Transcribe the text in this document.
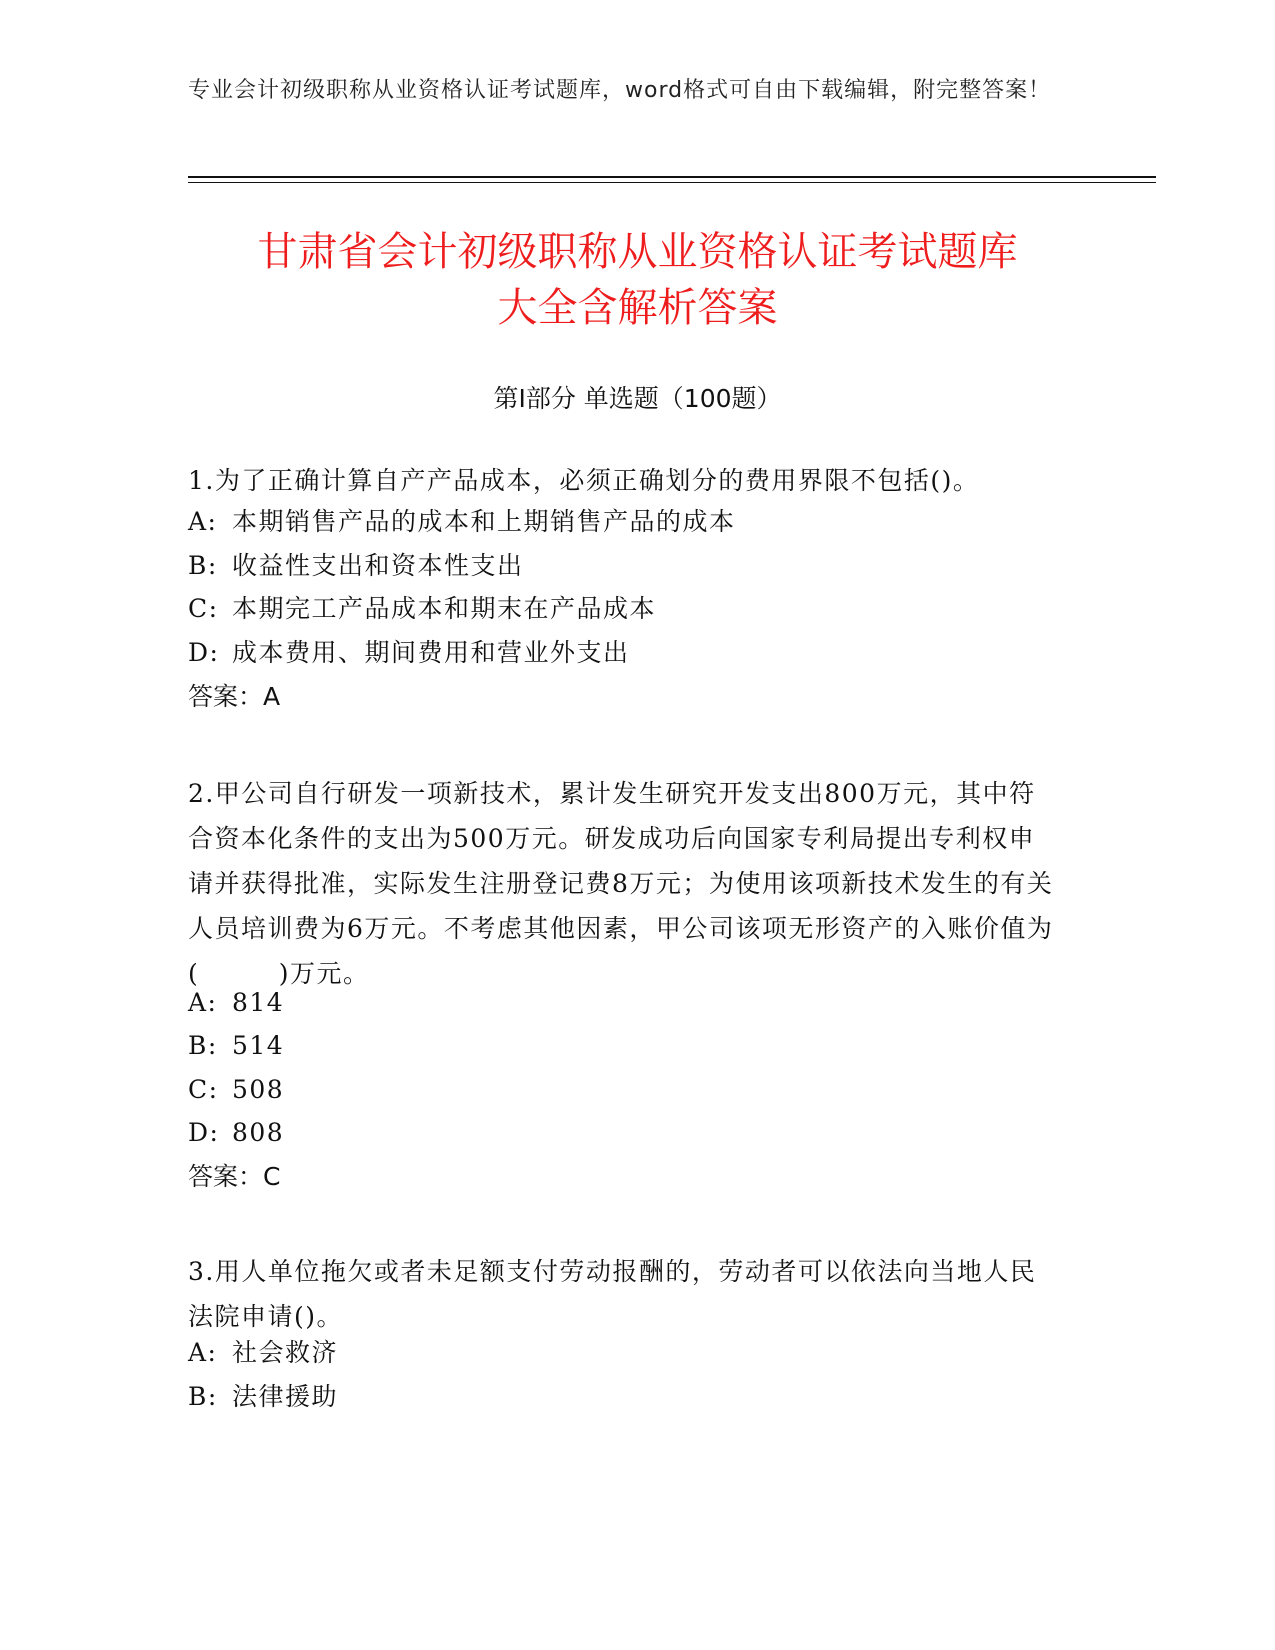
专业会计初级职称从业资格认证考试题库，word格式可自由下载编辑，附完整答案！
甘肃省会计初级职称从业资格认证考试题库
大全含解析答案
第I部分 单选题（100题）

1.为了正确计算自产产品成本，必须正确划分的费用界限不包括()。

A: 本期销售产品的成本和上期销售产品的成本
B: 收益性支出和资本性支出
C: 本期完工产品成本和期末在产品成本
D: 成本费用、期间费用和营业外支出
答案：A

2.甲公司自行研发一项新技术，累计发生研究开发支出800万元，其中符合资本化条件的支出为500万元。研发成功后向国家专利局提出专利权申请并获得批准，实际发生注册登记费8万元；为使用该项新技术发生的有关人员培训费为6万元。不考虑其他因素，甲公司该项无形资产的入账价值为(　　　)万元。

A: 814
B: 514
C: 508
D: 808
答案：C

3.用人单位拖欠或者未足额支付劳动报酬的，劳动者可以依法向当地人民法院申请()。

A: 社会救济
B: 法律援助
